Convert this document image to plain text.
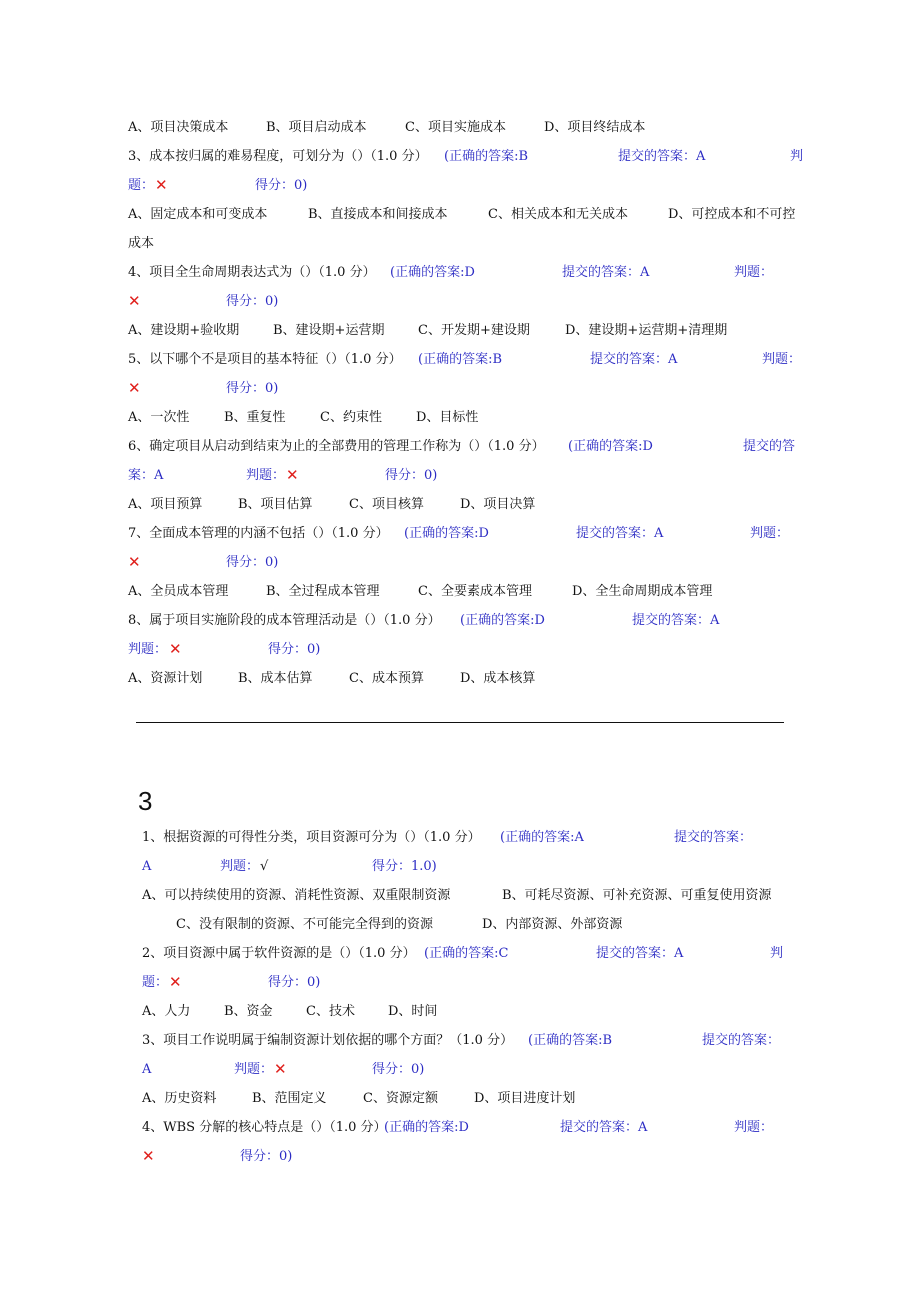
A、项目决策成本	B、项目启动成本	C、项目实施成本	D、项目终结成本
3、成本按归属的难易程度，可划分为（）（1.0 分） (正确的答案:B	提交的答案：A	判
题： ✕	得分：0)
A、固定成本和可变成本	B、直接成本和间接成本	C、相关成本和无关成本	D、可控成本和不可控
成本
4、项目全生命周期表达式为（）（1.0 分） (正确的答案:D	提交的答案：A	判题：
✕	得分：0)
A、建设期+验收期	B、建设期+运营期	C、开发期+建设期	D、建设期+运营期+清理期
5、以下哪个不是项目的基本特征（）（1.0 分） (正确的答案:B	提交的答案：A	判题：
✕	得分：0)
A、一次性	B、重复性	C、约束性	D、目标性
6、确定项目从启动到结束为止的全部费用的管理工作称为（）（1.0 分） (正确的答案:D	提交的答
案：A	判题： ✕	得分：0)
A、项目预算	B、项目估算	C、项目核算	D、项目决算
7、全面成本管理的内涵不包括（）（1.0 分） (正确的答案:D	提交的答案：A	判题：
✕	得分：0)
A、全员成本管理	B、全过程成本管理	C、全要素成本管理	D、全生命周期成本管理
8、属于项目实施阶段的成本管理活动是（）（1.0 分） (正确的答案:D	提交的答案：A
判题： ✕	得分：0)
A、资源计划	B、成本估算	C、成本预算	D、成本核算
3
1、根据资源的可得性分类，项目资源可分为（）（1.0 分） (正确的答案:A	提交的答案：
A	判题： √	得分：1.0)
A、可以持续使用的资源、消耗性资源、双重限制资源	B、可耗尽资源、可补充资源、可重复使用资源
C、没有限制的资源、不可能完全得到的资源	D、内部资源、外部资源
2、项目资源中属于软件资源的是（）（1.0 分） (正确的答案:C	提交的答案：A	判
题： ✕	得分：0)
A、人力	B、资金	C、技术	D、时间
3、项目工作说明属于编制资源计划依据的哪个方面？（1.0 分） (正确的答案:B	提交的答案：
A	判题： ✕	得分：0)
A、历史资料	B、范围定义	C、资源定额	D、项目进度计划
4、WBS 分解的核心特点是（）（1.0 分）
(正确的答案:D	提交的答案：A	判题：
✕	得分：0)
